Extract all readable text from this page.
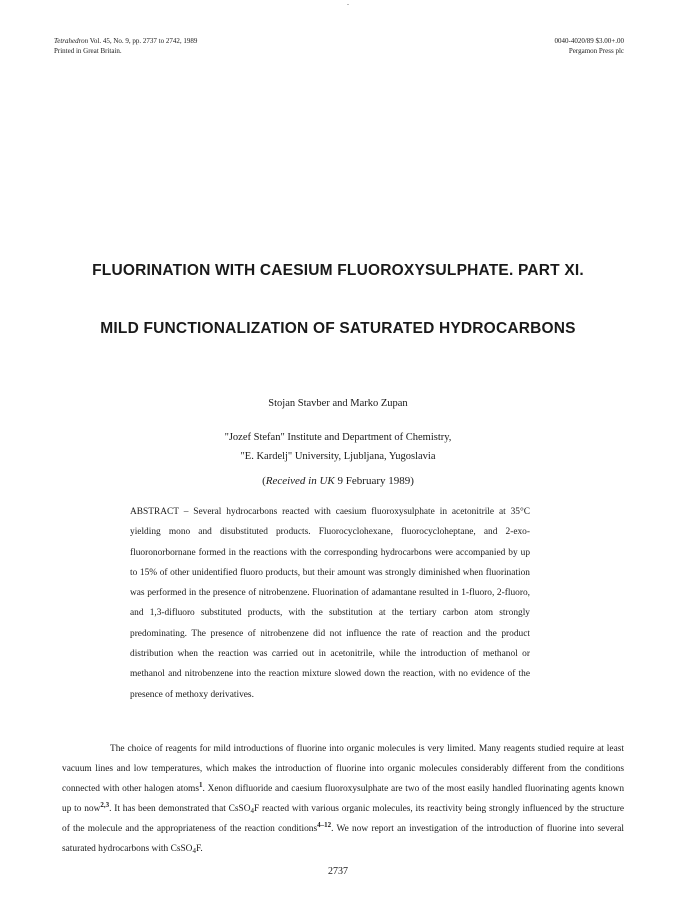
Tetrahedron Vol. 45, No. 9, pp. 2737 to 2742, 1989
Printed in Great Britain.
0040-4020/89 $3.00+.00
Pergamon Press plc
FLUORINATION WITH CAESIUM FLUOROXYSULPHATE. PART XI.
MILD FUNCTIONALIZATION OF SATURATED HYDROCARBONS
Stojan Stavber and Marko Zupan
"Jozef Stefan" Institute and Department of Chemistry,
"E. Kardelj" University, Ljubljana, Yugoslavia
(Received in UK 9 February 1989)
ABSTRACT – Several hydrocarbons reacted with caesium fluoroxysulphate in acetonitrile at 35°C yielding mono and disubstituted products. Fluorocyclohexane, fluorocycloheptane, and 2-exo-fluoronorbornane formed in the reactions with the corresponding hydrocarbons were accompanied by up to 15% of other unidentified fluoro products, but their amount was strongly diminished when fluorination was performed in the presence of nitrobenzene. Fluorination of adamantane resulted in 1-fluoro, 2-fluoro, and 1,3-difluoro substituted products, with the substitution at the tertiary carbon atom strongly predominating. The presence of nitrobenzene did not influence the rate of reaction and the product distribution when the reaction was carried out in acetonitrile, while the introduction of methanol or methanol and nitrobenzene into the reaction mixture slowed down the reaction, with no evidence of the presence of methoxy derivatives.
The choice of reagents for mild introductions of fluorine into organic molecules is very limited. Many reagents studied require at least vacuum lines and low temperatures, which makes the introduction of fluorine into organic molecules considerably different from the conditions connected with other halogen atoms$^1$. Xenon difluoride and caesium fluoroxysulphate are two of the most easily handled fluorinating agents known up to now$^{2,3}$. It has been demonstrated that CsSO$_4$F reacted with various organic molecules, its reactivity being strongly influenced by the structure of the molecule and the appropriateness of the reaction conditions$^{4-12}$. We now report an investigation of the introduction of fluorine into several saturated hydrocarbons with CsSO$_4$F.
2737
